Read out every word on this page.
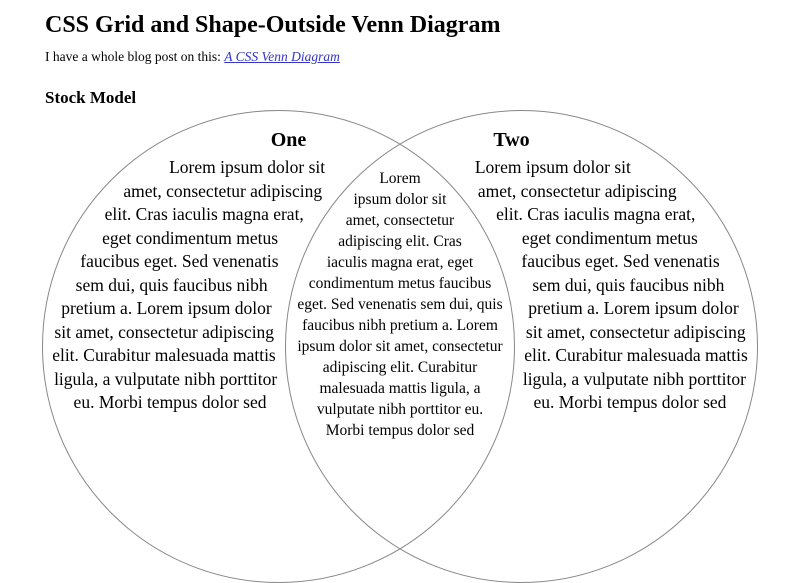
CSS Grid and Shape-Outside Venn Diagram

I have a whole blog post on this: A CSS Venn Diagram

Stock Model
Lorem ipsum dolor sit amet, consectetur adipiscing elit. Cras iaculis magna erat, eget condimentum metus faucibus eget. Sed venenatis sem dui, quis faucibus nibh pretium a. Lorem ipsum dolor sit amet, consectetur adipiscing elit. Curabitur malesuada mattis ligula, a vulputate nibh porttitor eu. Morbi tempus dolor sed
Lorem ipsum dolor sit amet, consectetur adipiscing elit. Cras iaculis magna erat, eget condimentum metus faucibus eget. Sed venenatis sem dui, quis faucibus nibh pretium a. Lorem ipsum dolor sit amet, consectetur adipiscing elit. Curabitur malesuada mattis ligula, a vulputate nibh porttitor eu. Morbi tempus dolor sed
Lorem ipsum dolor sit amet, consectetur adipiscing elit. Cras iaculis magna erat, eget condimentum metus faucibus eget. Sed venenatis sem dui, quis faucibus nibh pretium a. Lorem ipsum dolor sit amet, consectetur adipiscing elit. Curabitur malesuada mattis ligula, a vulputate nibh porttitor eu. Morbi tempus dolor sed
One	Two
